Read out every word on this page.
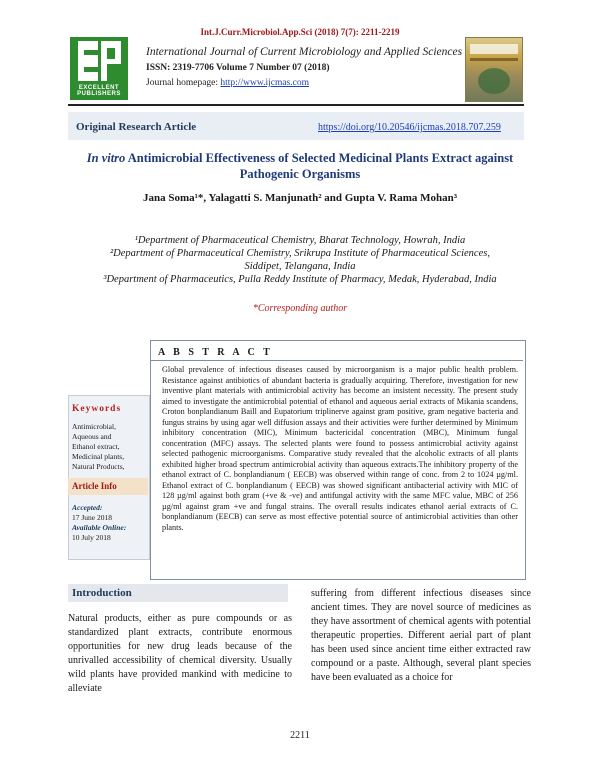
Int.J.Curr.Microbiol.App.Sci (2018) 7(7): 2211-2219
EXCELLENT PUBLISHERS
International Journal of Current Microbiology and Applied Sciences
ISSN: 2319-7706 Volume 7 Number 07 (2018)
Journal homepage: http://www.ijcmas.com
Original Research Article	https://doi.org/10.20546/ijcmas.2018.707.259
In vitro Antimicrobial Effectiveness of Selected Medicinal Plants Extract against Pathogenic Organisms
Jana Soma¹*, Yalagatti S. Manjunath² and Gupta V. Rama Mohan³
¹Department of Pharmaceutical Chemistry, Bharat Technology, Howrah, India
²Department of Pharmaceutical Chemistry, Srikrupa Institute of Pharmaceutical Sciences,
Siddipet, Telangana, India
³Department of Pharmaceutics, Pulla Reddy Institute of Pharmacy, Medak, Hyderabad, India
*Corresponding author
A B S T R A C T
Global prevalence of infectious diseases caused by microorganism is a major public health problem. Resistance against antibiotics of abundant bacteria is gradually acquiring. Therefore, investigation for new inventive plant materials with antimicrobial activity has become an insistent necessity. The present study aimed to investigate the antimicrobial potential of ethanol and aqueous aerial extracts of Mikania scandens, Croton bonplandianum Baill and Eupatorium triplinerve against gram positive, gram negative bacteria and fungus strains by using agar well diffusion assays and their activities were further determined by Minimum inhibitory concentration (MIC), Minimum bactericidal concentration (MBC), Minimum fungal concentration (MFC) assays. The selected plants were found to possess antimicrobial activity against selected pathogenic microorganisms. Comparative study revealed that the alcoholic extracts of all plants exhibited higher broad spectrum antimicrobial activity than aqueous extracts.The inhibitory property of the ethanol extract of C. bonplandianum ( EECB) was observed within range of conc. from 2 to 1024 µg/ml. Ethanol extract of C. bonplandianum ( EECB) was showed significant antibacterial activity with MIC of 128 µg/ml against both gram (+ve & -ve) and antifungal activity with the same MFC value, MBC of 256 µg/ml against gram +ve and fungal strains. The overall results indicates ethanol aerial extracts of C. bonplandianum (EECB) can serve as most effective potential source of antimicrobial activities than other plants.
Keywords
Antimicrobial,
Aqueous and
Ethanol extract,
Medicinal plants,
Natural Products,
Article Info
Accepted:
17 June 2018
Available Online:
10 July 2018
Introduction
Natural products, either as pure compounds or as standardized plant extracts, contribute enormous opportunities for new drug leads because of the unrivalled accessibility of chemical diversity. Usually wild plants have provided mankind with medicine to alleviate
suffering from different infectious diseases since ancient times. They are novel source of medicines as they have assortment of chemical agents with potential therapeutic properties. Different aerial part of plant has been used since ancient time either extracted raw compound or a paste. Although, several plant species have been evaluated as a choice for
2211
